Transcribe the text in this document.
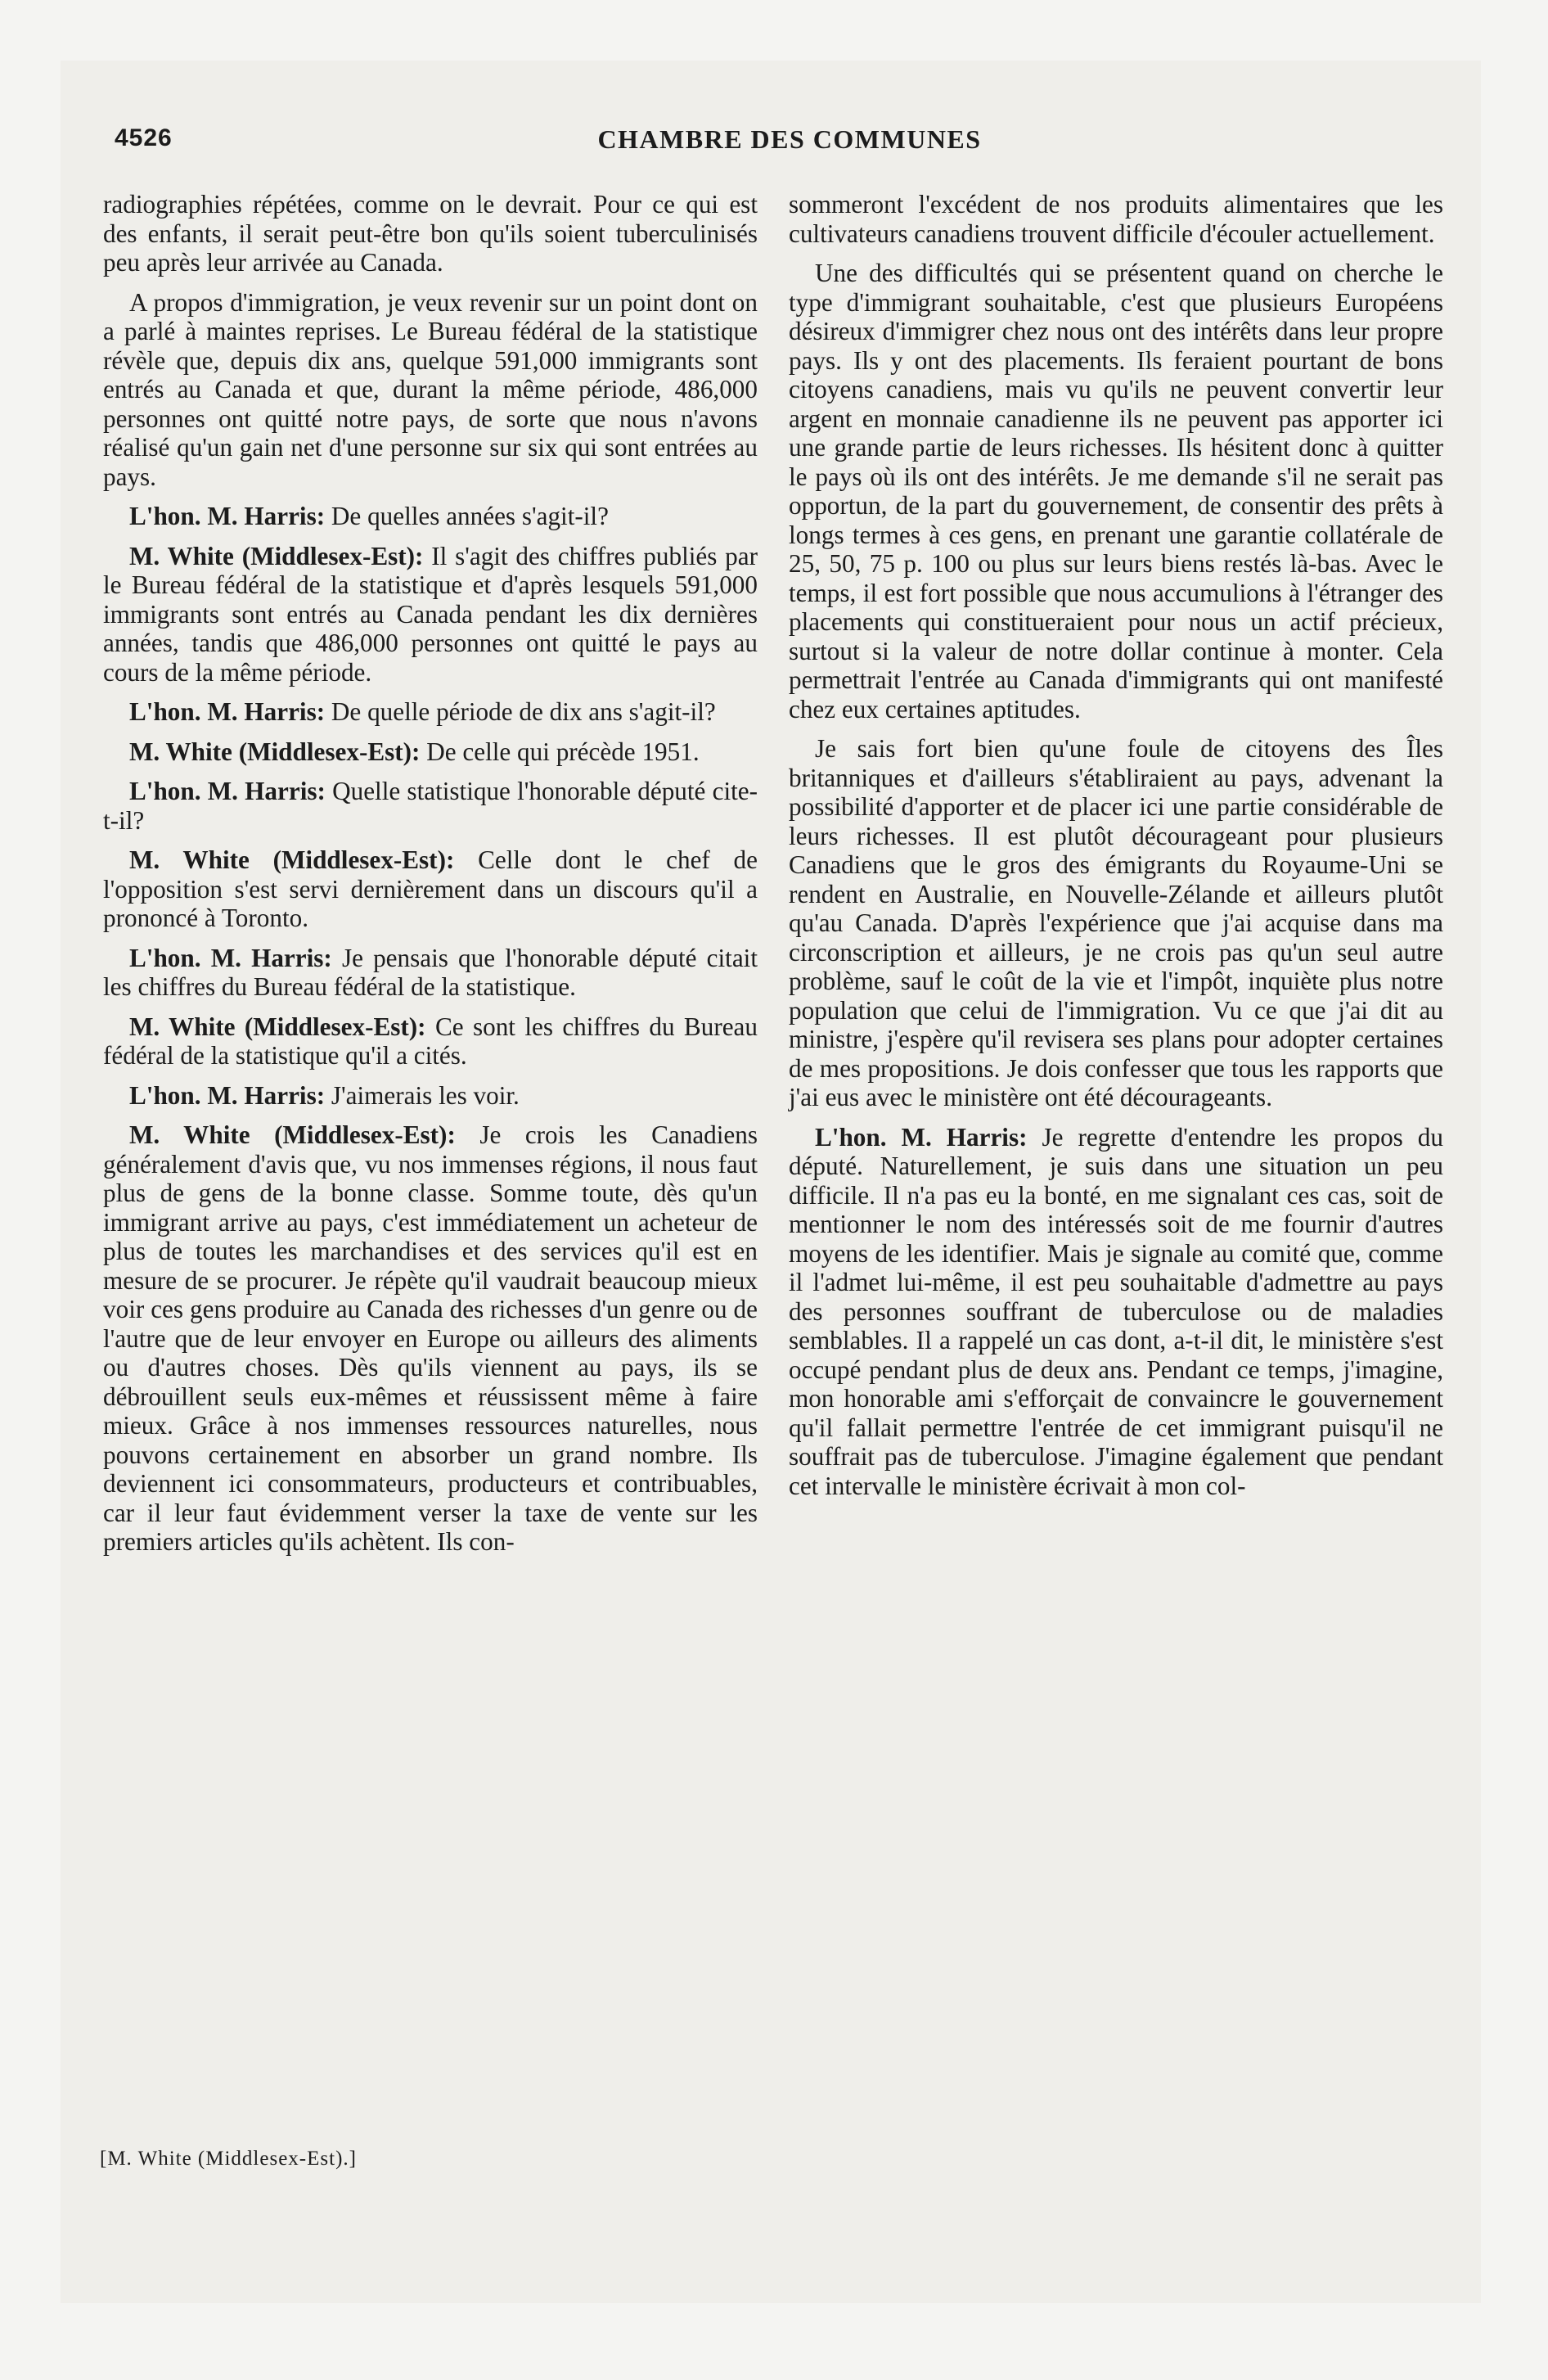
4526	CHAMBRE DES COMMUNES

radiographies répétées, comme on le devrait. Pour ce qui est des enfants, il serait peut-être bon qu'ils soient tuberculinisés peu après leur arrivée au Canada.

A propos d'immigration, je veux revenir sur un point dont on a parlé à maintes reprises. Le Bureau fédéral de la statistique révèle que, depuis dix ans, quelque 591,000 immigrants sont entrés au Canada et que, durant la même période, 486,000 personnes ont quitté notre pays, de sorte que nous n'avons réalisé qu'un gain net d'une personne sur six qui sont entrées au pays.

L'hon. M. Harris: De quelles années s'agit-il?

M. White (Middlesex-Est): Il s'agit des chiffres publiés par le Bureau fédéral de la statistique et d'après lesquels 591,000 immigrants sont entrés au Canada pendant les dix dernières années, tandis que 486,000 personnes ont quitté le pays au cours de la même période.

L'hon. M. Harris: De quelle période de dix ans s'agit-il?

M. White (Middlesex-Est): De celle qui précède 1951.

L'hon. M. Harris: Quelle statistique l'honorable député cite-t-il?

M. White (Middlesex-Est): Celle dont le chef de l'opposition s'est servi dernièrement dans un discours qu'il a prononcé à Toronto.

L'hon. M. Harris: Je pensais que l'honorable député citait les chiffres du Bureau fédéral de la statistique.

M. White (Middlesex-Est): Ce sont les chiffres du Bureau fédéral de la statistique qu'il a cités.

L'hon. M. Harris: J'aimerais les voir.

M. White (Middlesex-Est): Je crois les Canadiens généralement d'avis que, vu nos immenses régions, il nous faut plus de gens de la bonne classe. Somme toute, dès qu'un immigrant arrive au pays, c'est immédiatement un acheteur de plus de toutes les marchandises et des services qu'il est en mesure de se procurer. Je répète qu'il vaudrait beaucoup mieux voir ces gens produire au Canada des richesses d'un genre ou de l'autre que de leur envoyer en Europe ou ailleurs des aliments ou d'autres choses. Dès qu'ils viennent au pays, ils se débrouillent seuls eux-mêmes et réussissent même à faire mieux. Grâce à nos immenses ressources naturelles, nous pouvons certainement en absorber un grand nombre. Ils deviennent ici consommateurs, producteurs et contribuables, car il leur faut évidemment verser la taxe de vente sur les premiers articles qu'ils achètent. Ils con-

sommeront l'excédent de nos produits alimentaires que les cultivateurs canadiens trouvent difficile d'écouler actuellement.

Une des difficultés qui se présentent quand on cherche le type d'immigrant souhaitable, c'est que plusieurs Européens désireux d'immigrer chez nous ont des intérêts dans leur propre pays. Ils y ont des placements. Ils feraient pourtant de bons citoyens canadiens, mais vu qu'ils ne peuvent convertir leur argent en monnaie canadienne ils ne peuvent pas apporter ici une grande partie de leurs richesses. Ils hésitent donc à quitter le pays où ils ont des intérêts. Je me demande s'il ne serait pas opportun, de la part du gouvernement, de consentir des prêts à longs termes à ces gens, en prenant une garantie collatérale de 25, 50, 75 p. 100 ou plus sur leurs biens restés là-bas. Avec le temps, il est fort possible que nous accumulions à l'étranger des placements qui constitueraient pour nous un actif précieux, surtout si la valeur de notre dollar continue à monter. Cela permettrait l'entrée au Canada d'immigrants qui ont manifesté chez eux certaines aptitudes.

Je sais fort bien qu'une foule de citoyens des Îles britanniques et d'ailleurs s'établiraient au pays, advenant la possibilité d'apporter et de placer ici une partie considérable de leurs richesses. Il est plutôt décourageant pour plusieurs Canadiens que le gros des émigrants du Royaume-Uni se rendent en Australie, en Nouvelle-Zélande et ailleurs plutôt qu'au Canada. D'après l'expérience que j'ai acquise dans ma circonscription et ailleurs, je ne crois pas qu'un seul autre problème, sauf le coût de la vie et l'impôt, inquiète plus notre population que celui de l'immigration. Vu ce que j'ai dit au ministre, j'espère qu'il revisera ses plans pour adopter certaines de mes propositions. Je dois confesser que tous les rapports que j'ai eus avec le ministère ont été décourageants.

L'hon. M. Harris: Je regrette d'entendre les propos du député. Naturellement, je suis dans une situation un peu difficile. Il n'a pas eu la bonté, en me signalant ces cas, soit de mentionner le nom des intéressés soit de me fournir d'autres moyens de les identifier. Mais je signale au comité que, comme il l'admet lui-même, il est peu souhaitable d'admettre au pays des personnes souffrant de tuberculose ou de maladies semblables. Il a rappelé un cas dont, a-t-il dit, le ministère s'est occupé pendant plus de deux ans. Pendant ce temps, j'imagine, mon honorable ami s'efforçait de convaincre le gouvernement qu'il fallait permettre l'entrée de cet immigrant puisqu'il ne souffrait pas de tuberculose. J'imagine également que pendant cet intervalle le ministère écrivait à mon col-

[M. White (Middlesex-Est).]
